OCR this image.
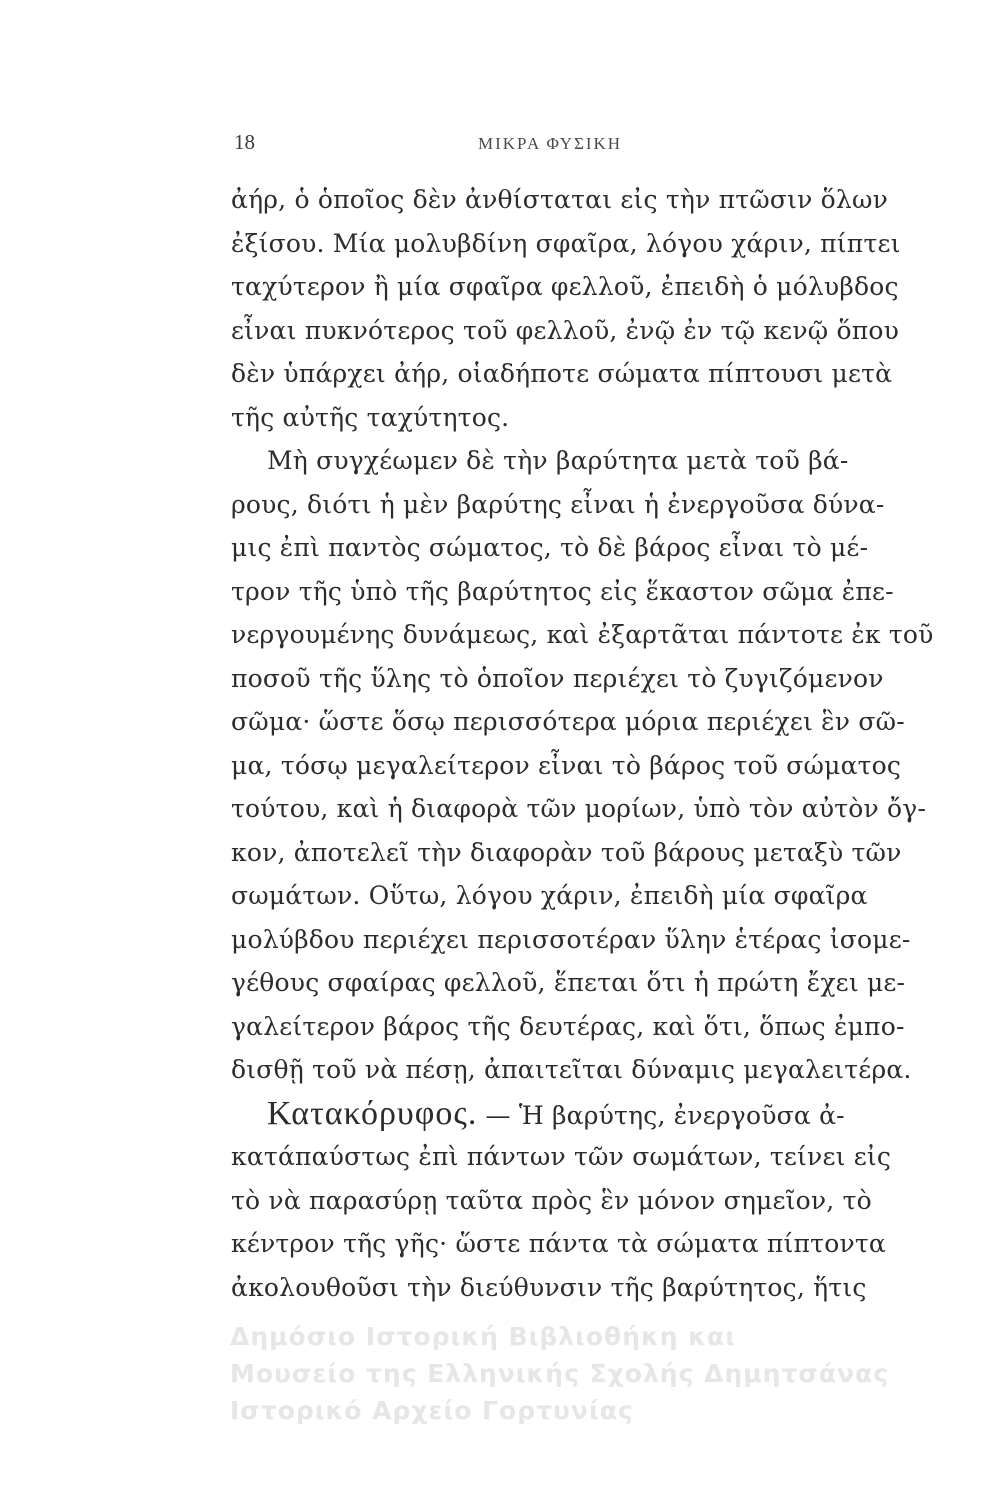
18	ΜΙΚΡΑ ΦΥΣΙΚΗ
ἀήρ, ὁ ὁποῖος δὲν ἀνθίσταται εἰς τὴν πτῶσιν ὅλων
ἐξίσου. Μία μολυβδίνη σφαῖρα, λόγου χάριν, πίπτει
ταχύτερον ἢ μία σφαῖρα φελλοῦ, ἐπειδὴ ὁ μόλυβδος
εἶναι πυκνότερος τοῦ φελλοῦ, ἐνῷ ἐν τῷ κενῷ ὅπου
δὲν ὑπάρχει ἀήρ, οἱαδήποτε σώματα πίπτουσι μετὰ
τῆς αὐτῆς ταχύτητος.
Μὴ συγχέωμεν δὲ τὴν βαρύτητα μετὰ τοῦ βά-
ρους, διότι ἡ μὲν βαρύτης εἶναι ἡ ἐνεργοῦσα δύνα-
μις ἐπὶ παντὸς σώματος, τὸ δὲ βάρος εἶναι τὸ μέ-
τρον τῆς ὑπὸ τῆς βαρύτητος εἰς ἕκαστον σῶμα ἐπε-
νεργουμένης δυνάμεως, καὶ ἐξαρτᾶται πάντοτε ἐκ τοῦ
ποσοῦ τῆς ὕλης τὸ ὁποῖον περιέχει τὸ ζυγιζόμενον
σῶμα· ὥστε ὅσῳ περισσότερα μόρια περιέχει ἓν σῶ-
μα, τόσῳ μεγαλείτερον εἶναι τὸ βάρος τοῦ σώματος
τούτου, καὶ ἡ διαφορὰ τῶν μορίων, ὑπὸ τὸν αὐτὸν ὄγ-
κον, ἀποτελεῖ τὴν διαφορὰν τοῦ βάρους μεταξὺ τῶν
σωμάτων. Οὕτω, λόγου χάριν, ἐπειδὴ μία σφαῖρα
μολύβδου περιέχει περισσοτέραν ὕλην ἑτέρας ἰσομε-
γέθους σφαίρας φελλοῦ, ἕπεται ὅτι ἡ πρώτη ἔχει με-
γαλείτερον βάρος τῆς δευτέρας, καὶ ὅτι, ὅπως ἐμπο-
δισθῇ τοῦ νὰ πέσῃ, ἀπαιτεῖται δύναμις μεγαλειτέρα.
Κατακόρυφος. — Ἡ βαρύτης, ἐνεργοῦσα ἀ-
κατάπαύστως ἐπὶ πάντων τῶν σωμάτων, τείνει εἰς
τὸ νὰ παρασύρῃ ταῦτα πρὸς ἓν μόνον σημεῖον, τὸ
κέντρον τῆς γῆς· ὥστε πάντα τὰ σώματα πίπτοντα
ἀκολουθοῦσι τὴν διεύθυνσιν τῆς βαρύτητος, ἥτις
Δημόσιο Ιστορική Βιβλιοθήκη και
Μουσείο της Ελληνικής Σχολής Δημητσάνας
Ιστορικό Αρχείο Γορτυνίας
